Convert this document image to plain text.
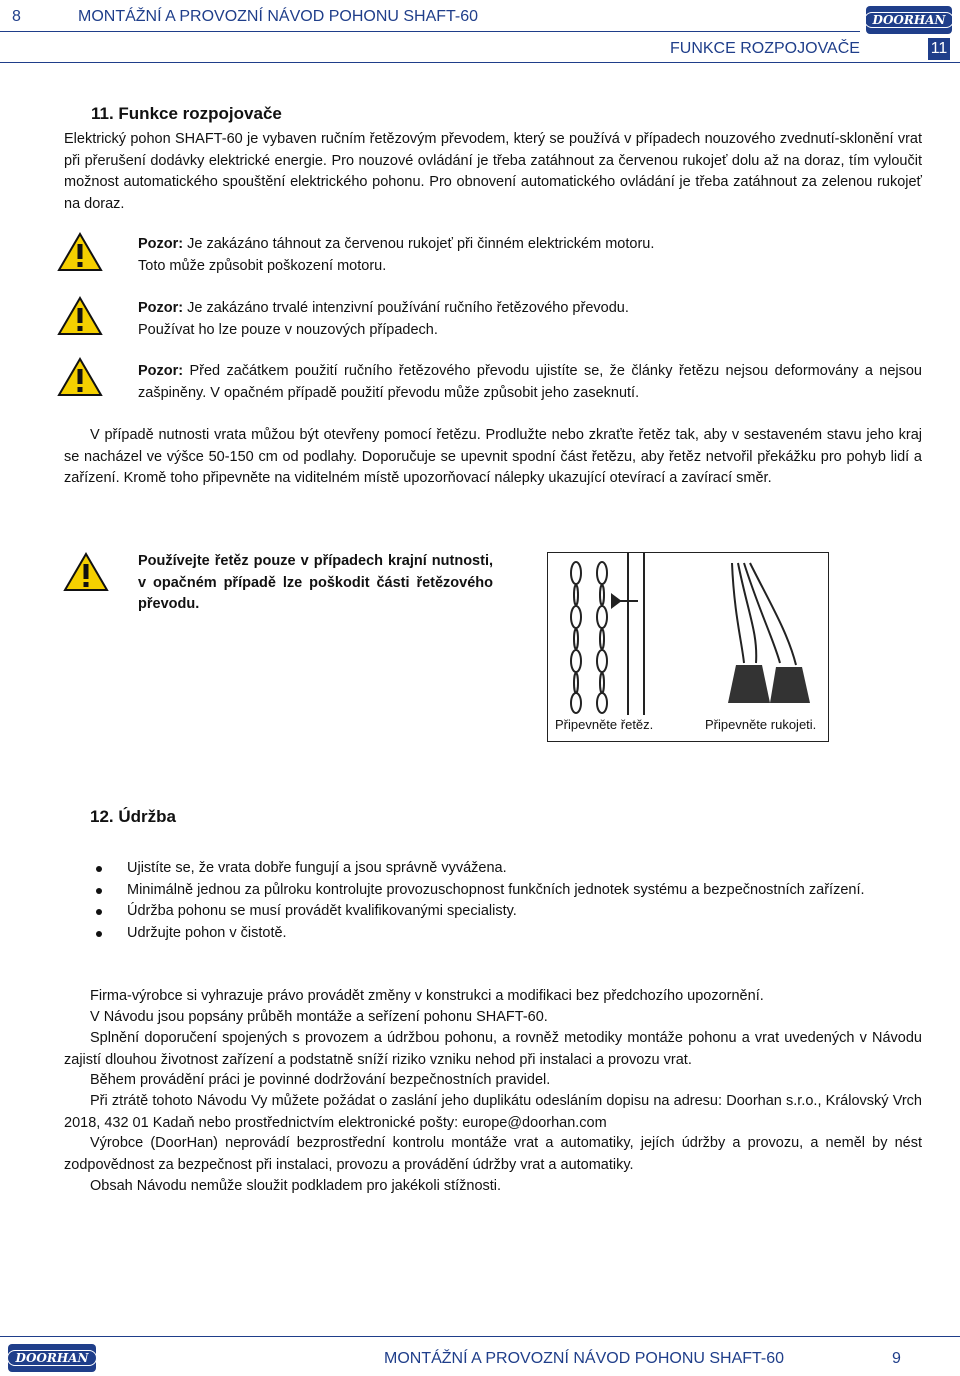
8	MONTÁŽNÍ A PROVOZNÍ NÁVOD POHONU SHAFT-60	DOORHAN
FUNKCE ROZPOJOVAČE	11
11. Funkce rozpojovače
Elektrický pohon SHAFT-60 je vybaven ručním řetězovým převodem, který se používá v případech nouzového zvednutí-sklonění vrat při přerušení dodávky elektrické energie. Pro nouzové ovládání je třeba zatáhnout za červenou rukojeť dolu až na doraz, tím vyloučit možnost automatického spouštění elektrického pohonu. Pro obnovení automatického ovládání je třeba zatáhnout za zelenou rukojeť na doraz.
Pozor: Je zakázáno táhnout za červenou rukojeť při činném elektrickém motoru.
Toto může způsobit poškození motoru.
Pozor: Je zakázáno trvalé intenzivní používání ručního řetězového převodu.
Používat ho lze pouze v nouzových případech.
Pozor: Před začátkem použití ručního řetězového převodu ujistíte se, že články řetězu nejsou deformovány a nejsou zašpiněny. V opačném případě použití převodu může způsobit jeho zaseknutí.
V případě nutnosti vrata můžou být otevřeny pomocí řetězu. Prodlužte nebo zkraťte řetěz tak, aby v sestaveném stavu jeho kraj se nacházel ve výšce 50-150 cm od podlahy. Doporučuje se upevnit spodní část řetězu, aby řetěz netvořil překážku pro pohyb lidí a zařízení. Kromě toho připevněte na viditelném místě upozorňovací nálepky ukazující otevírací a zavírací směr.
Používejte řetěz pouze v případech krajní nutnosti, v opačném případě lze poškodit části řetězového převodu.
Připevněte řetěz.	Připevněte rukojeti.
12. Údržba
Ujistíte se, že vrata dobře fungují a jsou správně vyvážena.
Minimálně jednou za půlroku kontrolujte provozuschopnost funkčních jednotek systému a bezpečnostních zařízení.
Údržba pohonu se musí provádět kvalifikovanými specialisty.
Udržujte pohon v čistotě.
Firma-výrobce si vyhrazuje právo provádět změny v konstrukci a modifikaci bez předchozího upozornění.
V Návodu jsou popsány průběh montáže a seřízení pohonu SHAFT-60.
Splnění doporučení spojených s provozem a údržbou pohonu, a rovněž metodiky montáže pohonu a vrat uvedených v Návodu zajistí dlouhou životnost zařízení a podstatně sníží riziko vzniku nehod při instalaci a provozu vrat.
Během provádění práci je povinné dodržování bezpečnostních pravidel.
Při ztrátě tohoto Návodu Vy můžete požádat o zaslání jeho duplikátu odesláním dopisu na adresu: Doorhan s.r.o., Královský Vrch 2018, 432 01 Kadaň nebo prostřednictvím elektronické pošty: europe@doorhan.com
Výrobce (DoorHan) neprovádí bezprostřední kontrolu montáže vrat a automatiky, jejích údržby a provozu, a neměl by nést zodpovědnost za bezpečnost při instalaci, provozu a provádění údržby vrat a automatiky.
Obsah Návodu nemůže sloužit podkladem pro jakékoli stížnosti.
DOORHAN	MONTÁŽNÍ A PROVOZNÍ NÁVOD POHONU SHAFT-60	9
